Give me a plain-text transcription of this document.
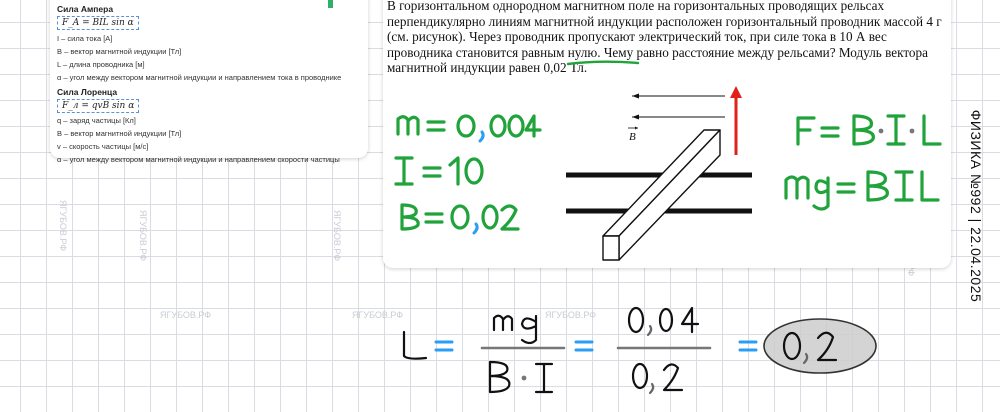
ЯГУБОВ.РФ	ЯГУБОВ.РФ	ЯГУБОВ.РФ
ЯГУБОВ.РФ	ЯГУБОВ.РФ
ЯГУБОВ.РФ
Сила Ампера
F_A = BIL sin α
I – сила тока [А]
B – вектор магнитной индукции [Тл]
L – длина проводника [м]
α – угол между вектором магнитной индукции и направлением тока в проводнике
Сила Лоренца
F_л = qvB sin α
q – заряд частицы [Кл]
B – вектор магнитной индукции [Тл]
v – скорость частицы [м/с]
α – угол между вектором магнитной индукции и направлением скорости частицы
В горизонтальном однородном магнитном поле на горизонтальных проводящих рельсах перпендикулярно линиям магнитной индукции расположен горизонтальный проводник массой 4 г (см. рисунок). Через проводник пропускают электрический ток, при силе тока в 10 А вес проводника становится равным нулю. Чему равно расстояние между рельсами? Модуль вектора магнитной индукции равен 0,02 Тл.
ФИЗИКА №992 | 22.04.2025
B
